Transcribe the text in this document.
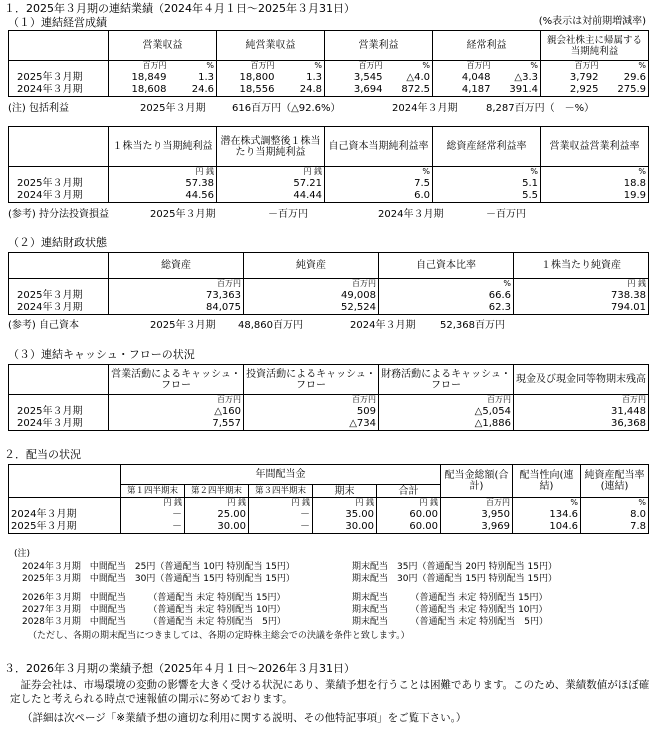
１．2025年３月期の連結業績（2024年４月１日～2025年３月31日）
（１）連結経営成績	(%表示は対前期増減率)
	営業収益		純営業収益		営業利益		経常利益		親会社株主に帰属する当期純利益	
	百万円	%	百万円	%	百万円	%	百万円	%	百万円	%
2025年３月期	18,849	1.3	18,800	1.3	3,545	△4.0	4,048	△3.3	3,792	29.6
2024年３月期	18,608	24.6	18,556	24.8	3,694	872.5	4,187	391.4	2,925	275.9
(注) 包括利益	2025年３月期	616百万円（△92.6%）	2024年３月期	8,287百万円（　－%）
	１株当たり当期純利益	潜在株式調整後１株当たり当期純利益	自己資本当期純利益率	総資産経常利益率	営業収益営業利益率
	円 銭	円 銭	%	%	%
2025年３月期	57.38	57.21	7.5	5.1	18.8
2024年３月期	44.56	44.44	6.0	5.5	19.9
(参考) 持分法投資損益	2025年３月期	－百万円	2024年３月期	－百万円
（２）連結財政状態
	総資産	純資産	自己資本比率	１株当たり純資産
	百万円	百万円	%	円 銭
2025年３月期	73,363	49,008	66.6	738.38
2024年３月期	84,075	52,524	62.3	794.01
(参考) 自己資本	2025年３月期 48,860百万円	2024年３月期 52,368百万円
（３）連結キャッシュ・フローの状況
	営業活動によるキャッシュ・フロー	投資活動によるキャッシュ・フロー	財務活動によるキャッシュ・フロー	現金及び現金同等物期末残高
	百万円	百万円	百万円	百万円
2025年３月期	△160	509	△5,054	31,448
2024年３月期	7,557	△734	△1,886	36,368
２．配当の状況
	年間配当金					配当金総額(合計)	配当性向(連結)	純資産配当率(連結)
	第１四半期末	第２四半期末	第３四半期末	期末	合計			
	円 銭	円 銭	円 銭	円 銭	円 銭	百万円	%	%
2024年３月期	－	25.00	－	35.00	60.00	3,950	134.6	8.0
2025年３月期	－	30.00	－	30.00	60.00	3,969	104.6	7.8
(注)
2024年３月期　中間配当　25円（普通配当 10円 特別配当 15円）	期末配当　35円（普通配当 20円 特別配当 15円）
2025年３月期　中間配当　30円（普通配当 15円 特別配当 15円）	期末配当　30円（普通配当 15円 特別配当 15円）
2026年３月期　中間配当　　　（普通配当 未定 特別配当 15円）	期末配当　　　（普通配当 未定 特別配当 15円）
2027年３月期　中間配当　　　（普通配当 未定 特別配当 10円）	期末配当　　　（普通配当 未定 特別配当 10円）
2028年３月期　中間配当　　　（普通配当 未定 特別配当　5円）	期末配当　　　（普通配当 未定 特別配当　5円）
（ただし、各期の期末配当につきましては、各期の定時株主総会での決議を条件と致します。）
３．2026年３月期の業績予想（2025年４月１日～2026年３月31日）
　証券会社は、市場環境の変動の影響を大きく受ける状況にあり、業績予想を行うことは困難であります。このため、業績数値がほぼ確定したと考えられる時点で速報値の開示に努めております。
（詳細は次ページ「※業績予想の適切な利用に関する説明、その他特記事項」をご覧下さい。）
